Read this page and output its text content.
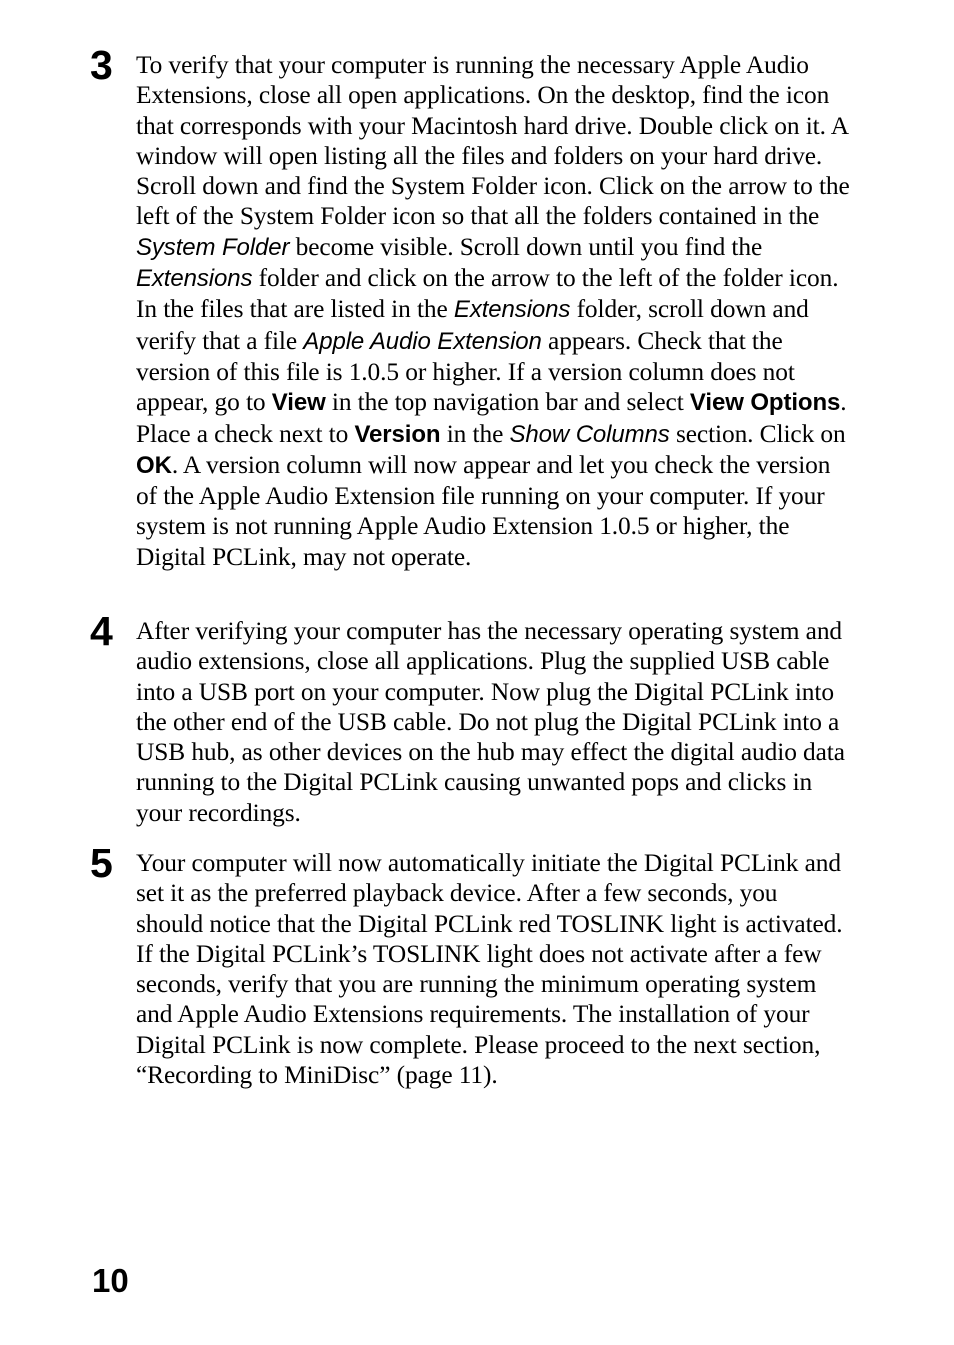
3 To verify that your computer is running the necessary Apple Audio Extensions, close all open applications. On the desktop, find the icon that corresponds with your Macintosh hard drive. Double click on it. A window will open listing all the files and folders on your hard drive. Scroll down and find the System Folder icon. Click on the arrow to the left of the System Folder icon so that all the folders contained in the System Folder become visible. Scroll down until you find the Extensions folder and click on the arrow to the left of the folder icon. In the files that are listed in the Extensions folder, scroll down and verify that a file Apple Audio Extension appears. Check that the version of this file is 1.0.5 or higher. If a version column does not appear, go to View in the top navigation bar and select View Options. Place a check next to Version in the Show Columns section. Click on OK. A version column will now appear and let you check the version of the Apple Audio Extension file running on your computer. If your system is not running Apple Audio Extension 1.0.5 or higher, the Digital PCLink, may not operate.
4 After verifying your computer has the necessary operating system and audio extensions, close all applications. Plug the supplied USB cable into a USB port on your computer. Now plug the Digital PCLink into the other end of the USB cable. Do not plug the Digital PCLink into a USB hub, as other devices on the hub may effect the digital audio data running to the Digital PCLink causing unwanted pops and clicks in your recordings.
5 Your computer will now automatically initiate the Digital PCLink and set it as the preferred playback device. After a few seconds, you should notice that the Digital PCLink red TOSLINK light is activated. If the Digital PCLink’s TOSLINK light does not activate after a few seconds, verify that you are running the minimum operating system and Apple Audio Extensions requirements. The installation of your Digital PCLink is now complete. Please proceed to the next section, “Recording to MiniDisc” (page 11).
10
